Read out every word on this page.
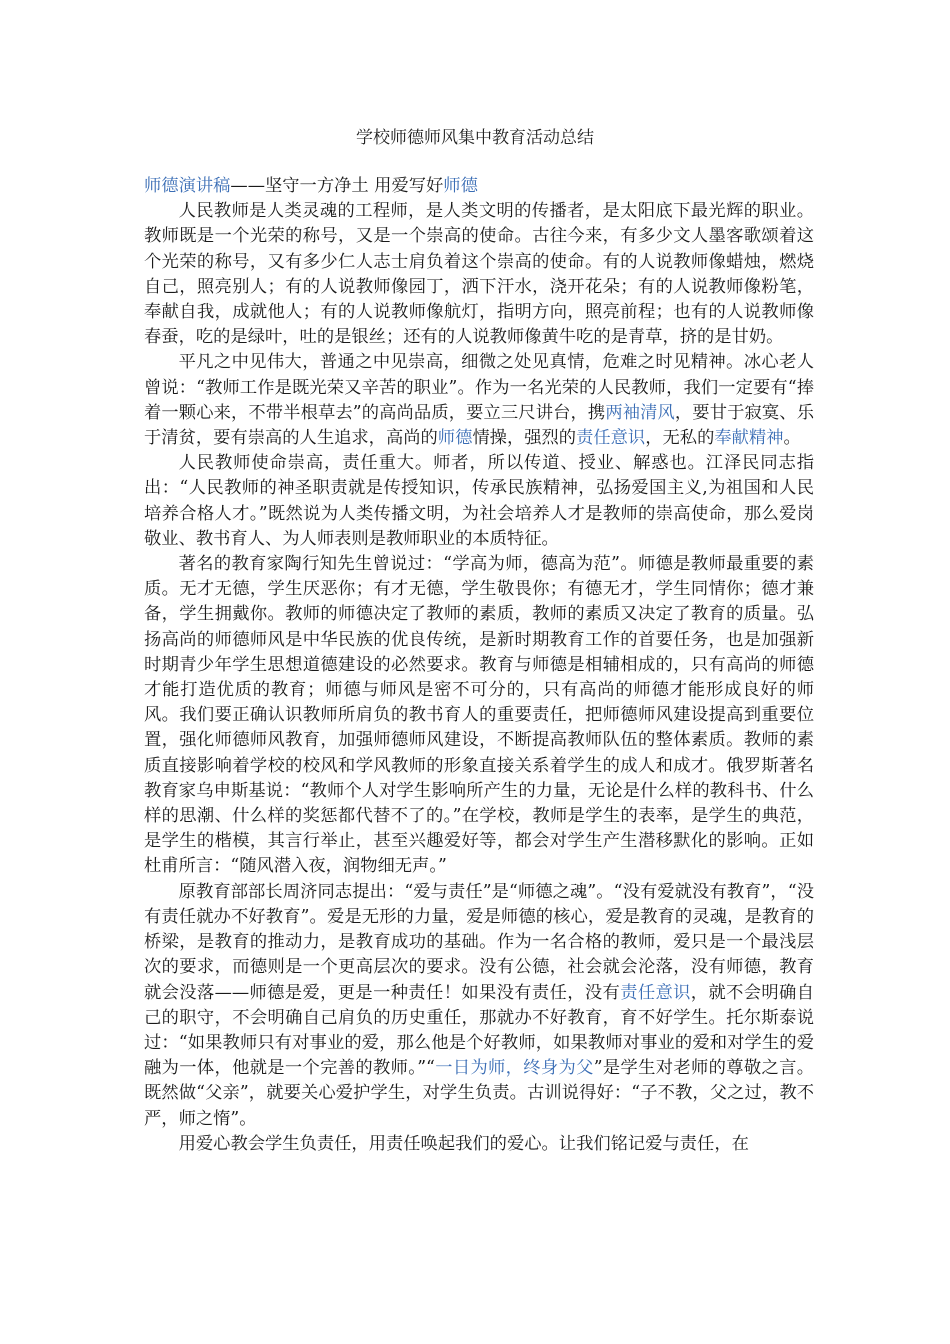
学校师德师风集中教育活动总结

师德演讲稿——坚守一方净土 用爱写好师德

人民教师是人类灵魂的工程师，是人类文明的传播者，是太阳底下最光辉的职业。教师既是一个光荣的称号，又是一个崇高的使命。古往今来，有多少文人墨客歌颂着这个光荣的称号，又有多少仁人志士肩负着这个崇高的使命。有的人说教师像蜡烛，燃烧自己，照亮别人；有的人说教师像园丁，洒下汗水，浇开花朵；有的人说教师像粉笔，奉献自我，成就他人；有的人说教师像航灯，指明方向，照亮前程；也有的人说教师像春蚕，吃的是绿叶，吐的是银丝；还有的人说教师像黄牛吃的是青草，挤的是甘奶。

平凡之中见伟大，普通之中见崇高，细微之处见真情，危难之时见精神。冰心老人曾说：“教师工作是既光荣又辛苦的职业”。作为一名光荣的人民教师，我们一定要有“捧着一颗心来，不带半根草去”的高尚品质，要立三尺讲台，携两袖清风，要甘于寂寞、乐于清贫，要有崇高的人生追求，高尚的师德情操，强烈的责任意识，无私的奉献精神。

人民教师使命崇高，责任重大。师者，所以传道、授业、解惑也。江泽民同志指出：“人民教师的神圣职责就是传授知识，传承民族精神，弘扬爱国主义,为祖国和人民培养合格人才。”既然说为人类传播文明，为社会培养人才是教师的崇高使命，那么爱岗敬业、教书育人、为人师表则是教师职业的本质特征。

著名的教育家陶行知先生曾说过：“学高为师，德高为范”。师德是教师最重要的素质。无才无德，学生厌恶你；有才无德，学生敬畏你；有德无才，学生同情你；德才兼备，学生拥戴你。教师的师德决定了教师的素质，教师的素质又决定了教育的质量。弘扬高尚的师德师风是中华民族的优良传统，是新时期教育工作的首要任务，也是加强新时期青少年学生思想道德建设的必然要求。教育与师德是相辅相成的，只有高尚的师德才能打造优质的教育；师德与师风是密不可分的，只有高尚的师德才能形成良好的师风。我们要正确认识教师所肩负的教书育人的重要责任，把师德师风建设提高到重要位置，强化师德师风教育，加强师德师风建设，不断提高教师队伍的整体素质。教师的素质直接影响着学校的校风和学风教师的形象直接关系着学生的成人和成才。俄罗斯著名教育家乌申斯基说：“教师个人对学生影响所产生的力量，无论是什么样的教科书、什么样的思潮、什么样的奖惩都代替不了的。”在学校，教师是学生的表率，是学生的典范，是学生的楷模，其言行举止，甚至兴趣爱好等，都会对学生产生潜移默化的影响。正如杜甫所言：“随风潜入夜，润物细无声。”

原教育部部长周济同志提出：“爱与责任”是“师德之魂”。“没有爱就没有教育”，“没有责任就办不好教育”。爱是无形的力量，爱是师德的核心，爱是教育的灵魂，是教育的桥梁，是教育的推动力，是教育成功的基础。作为一名合格的教师，爱只是一个最浅层次的要求，而德则是一个更高层次的要求。没有公德，社会就会沦落，没有师德，教育就会没落——师德是爱，更是一种责任！如果没有责任，没有责任意识，就不会明确自己的职守，不会明确自己肩负的历史重任，那就办不好教育，育不好学生。托尔斯泰说过：“如果教师只有对事业的爱，那么他是个好教师，如果教师对事业的爱和对学生的爱融为一体，他就是一个完善的教师。”“一日为师，终身为父”是学生对老师的尊敬之言。既然做“父亲”，就要关心爱护学生，对学生负责。古训说得好：“子不教，父之过，教不严，师之惰”。

用爱心教会学生负责任，用责任唤起我们的爱心。让我们铭记爱与责任，在
